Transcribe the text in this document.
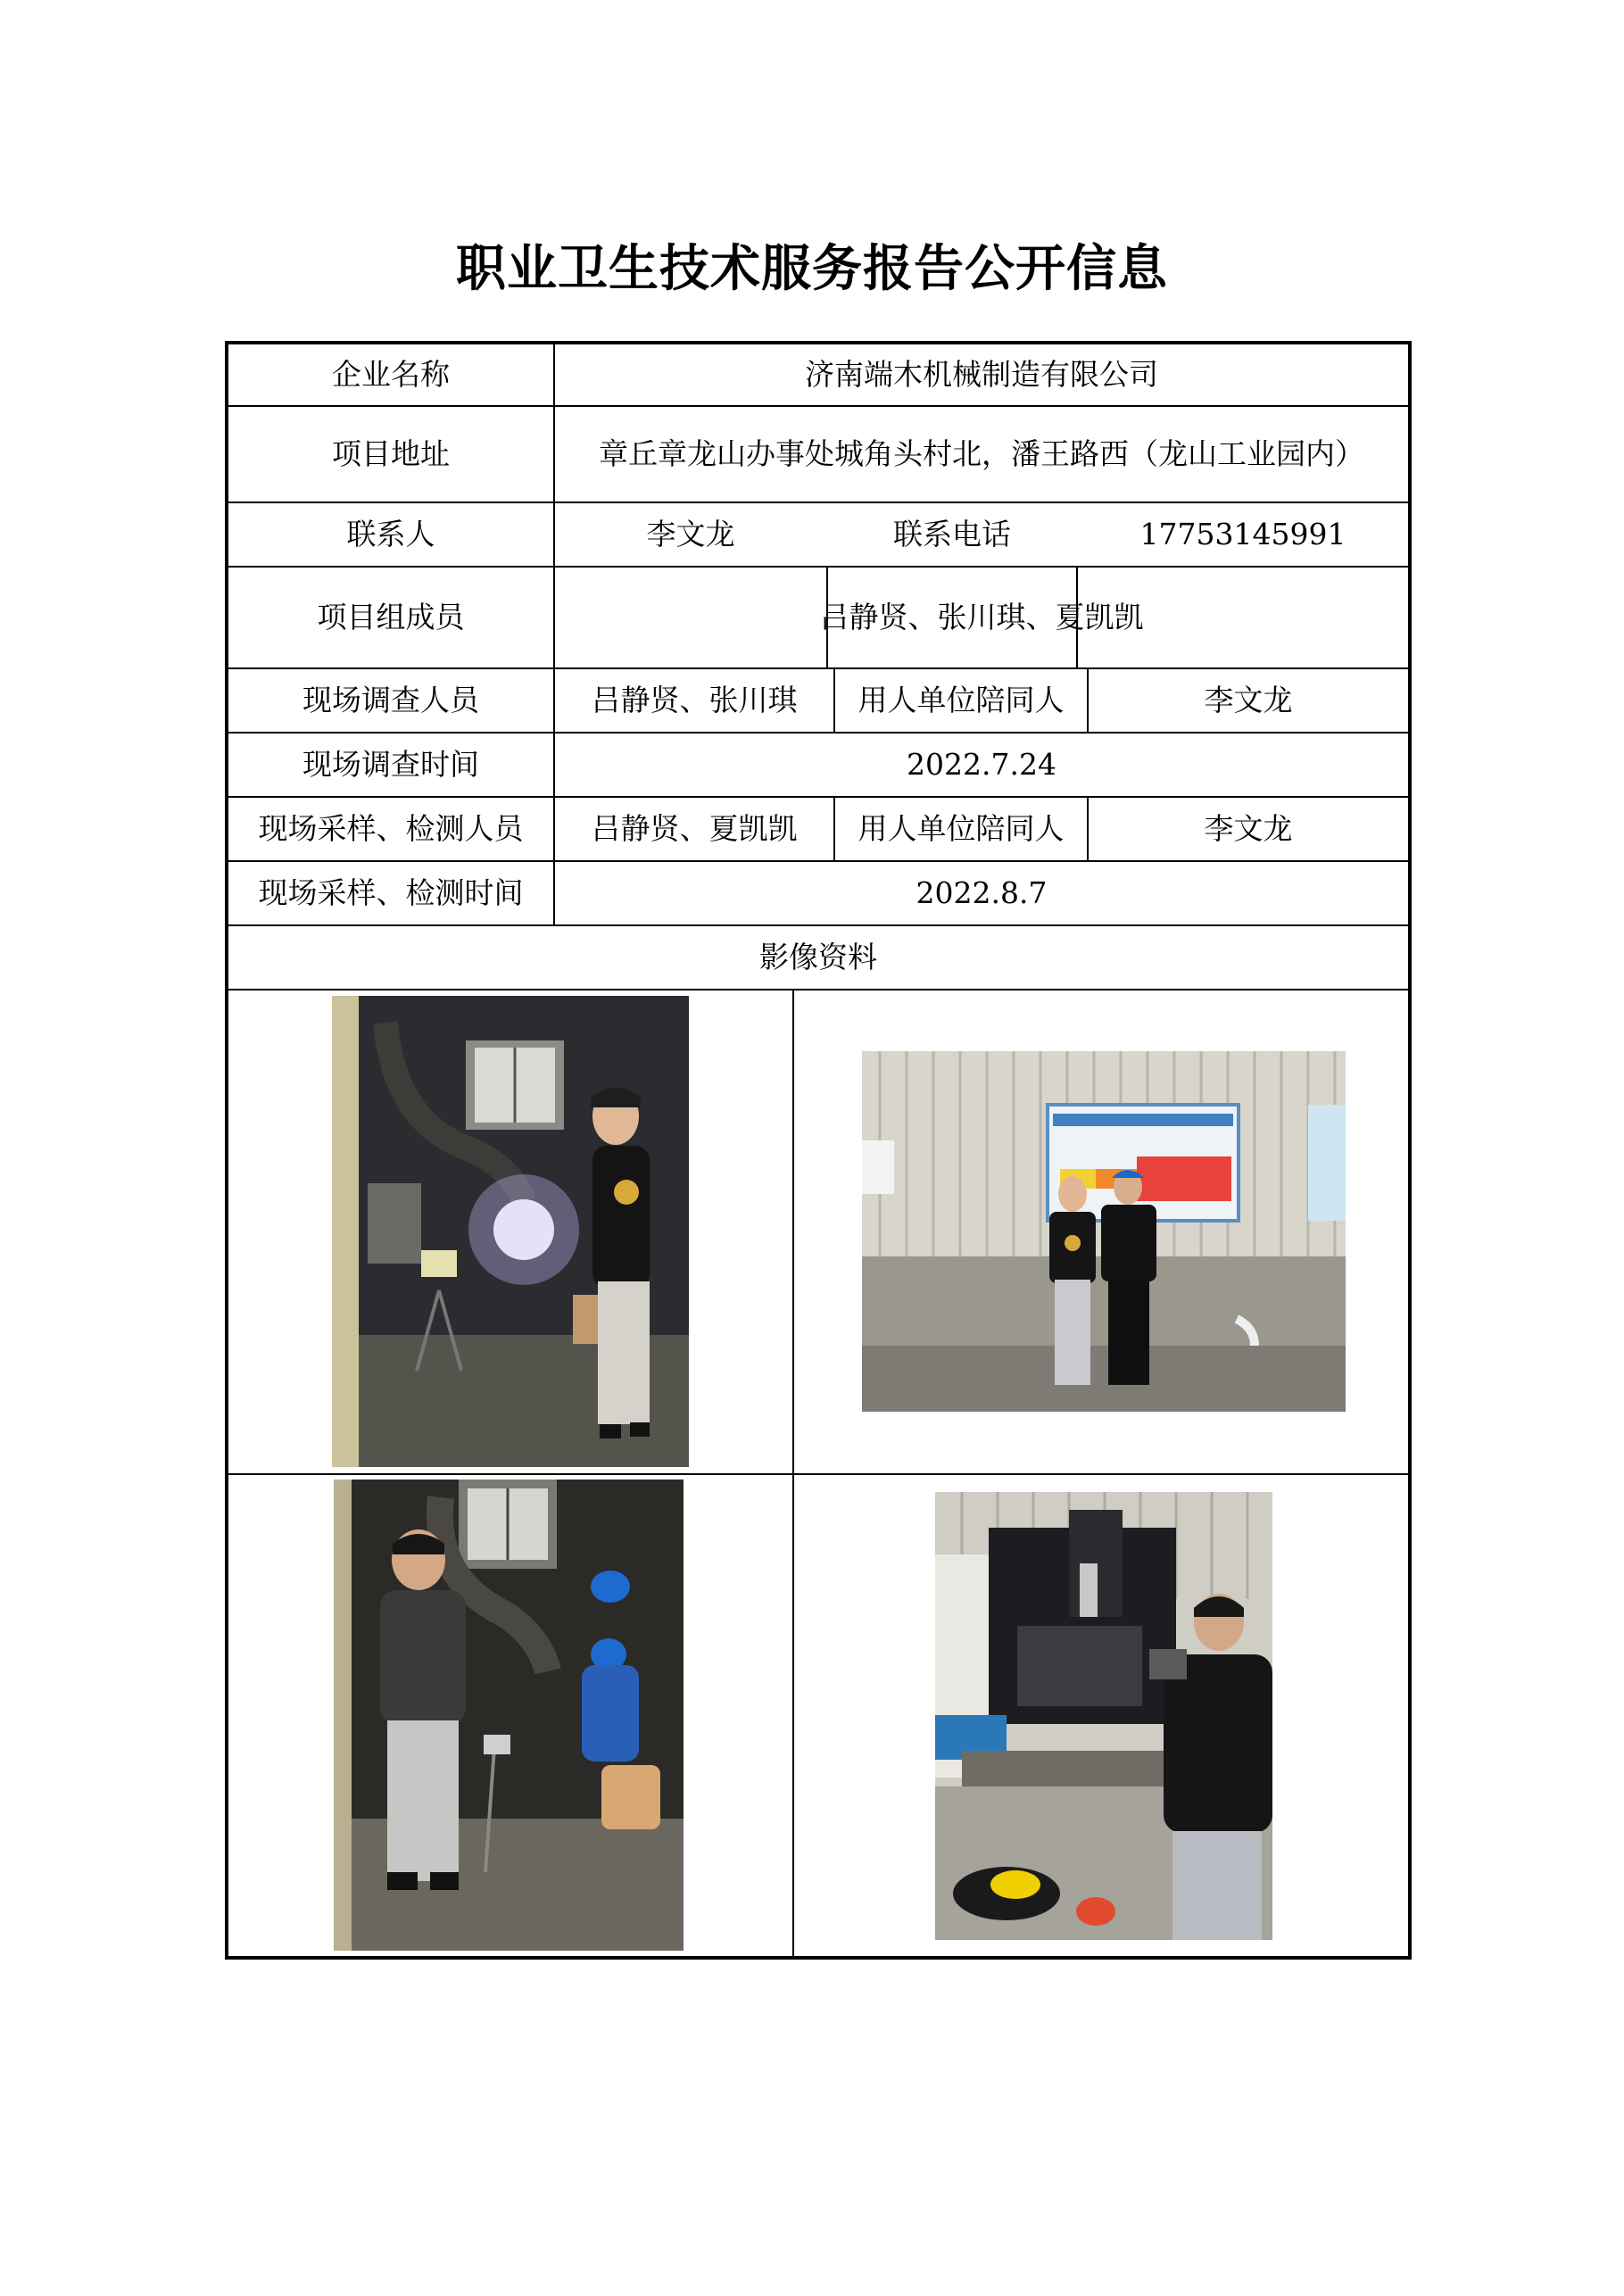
职业卫生技术服务报告公开信息
企业名称	济南端木机械制造有限公司
项目地址	章丘章龙山办事处城角头村北，潘王路西（龙山工业园内）
联系人	李文龙	联系电话	17753145991
项目组成员	吕静贤、张川琪、夏凯凯
现场调查人员	吕静贤、张川琪	用人单位陪同人	李文龙
现场调查时间	2022.7.24
现场采样、检测人员	吕静贤、夏凯凯	用人单位陪同人	李文龙
现场采样、检测时间	2022.8.7
影像资料
